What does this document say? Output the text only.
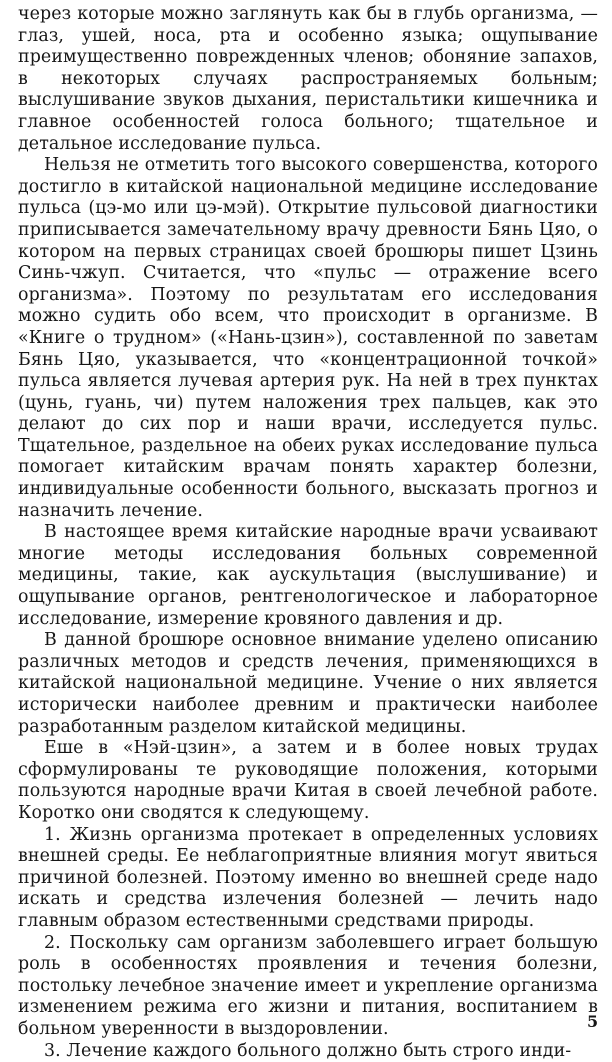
через которые можно заглянуть как бы в глубь организма, — глаз, ушей, носа, рта и особенно языка; ощупывание преимущественно поврежденных членов; обоняние запахов, в некоторых случаях распространяемых больным; выслушивание звуков дыхания, перистальтики кишечника и главное особенностей голоса больного; тщательное и детальное исследование пульса.

Нельзя не отметить того высокого совершенства, которого достигло в китайской национальной медицине исследование пульса (цэ-мо или цэ-мэй). Открытие пульсовой диагностики приписывается замечательному врачу древности Бянь Цяо, о котором на первых страницах своей брошюры пишет Цзинь Синь-чжуп. Считается, что «пульс — отражение всего организма». Поэтому по результатам его исследования можно судить обо всем, что происходит в организме. В «Книге о трудном» («Нань-цзин»), составленной по заветам Бянь Цяо, указывается, что «концентрационной точкой» пульса является лучевая артерия рук. На ней в трех пунктах (цунь, гуань, чи) путем наложения трех пальцев, как это делают до сих пор и наши врачи, исследуется пульс. Тщательное, раздельное на обеих руках исследование пульса помогает китайским врачам понять характер болезни, индивидуальные особенности больного, высказать прогноз и назначить лечение.

В настоящее время китайские народные врачи усваивают многие методы исследования больных современной медицины, такие, как аускультация (выслушивание) и ощупывание органов, рентгенологическое и лабораторное исследование, измерение кровяного давления и др.

В данной брошюре основное внимание уделено описанию различных методов и средств лечения, применяющихся в китайской национальной медицине. Учение о них является исторически наиболее древним и практически наиболее разработанным разделом китайской медицины.

Еше в «Нэй-цзин», а затем и в более новых трудах сформулированы те руководящие положения, которыми пользуются народные врачи Китая в своей лечебной работе. Коротко они сводятся к следующему.

1. Жизнь организма протекает в определенных условиях внешней среды. Ее неблагоприятные влияния могут явиться причиной болезней. Поэтому именно во внешней среде надо искать и средства излечения болезней — лечить надо главным образом естественными средствами природы.

2. Поскольку сам организм заболевшего играет большую роль в особенностях проявления и течения болезни, постольку лечебное значение имеет и укрепление организма изменением режима его жизни и питания, воспитанием в больном уверенности в выздоровлении.

3. Лечение каждого больного должно быть строго инди-

5
